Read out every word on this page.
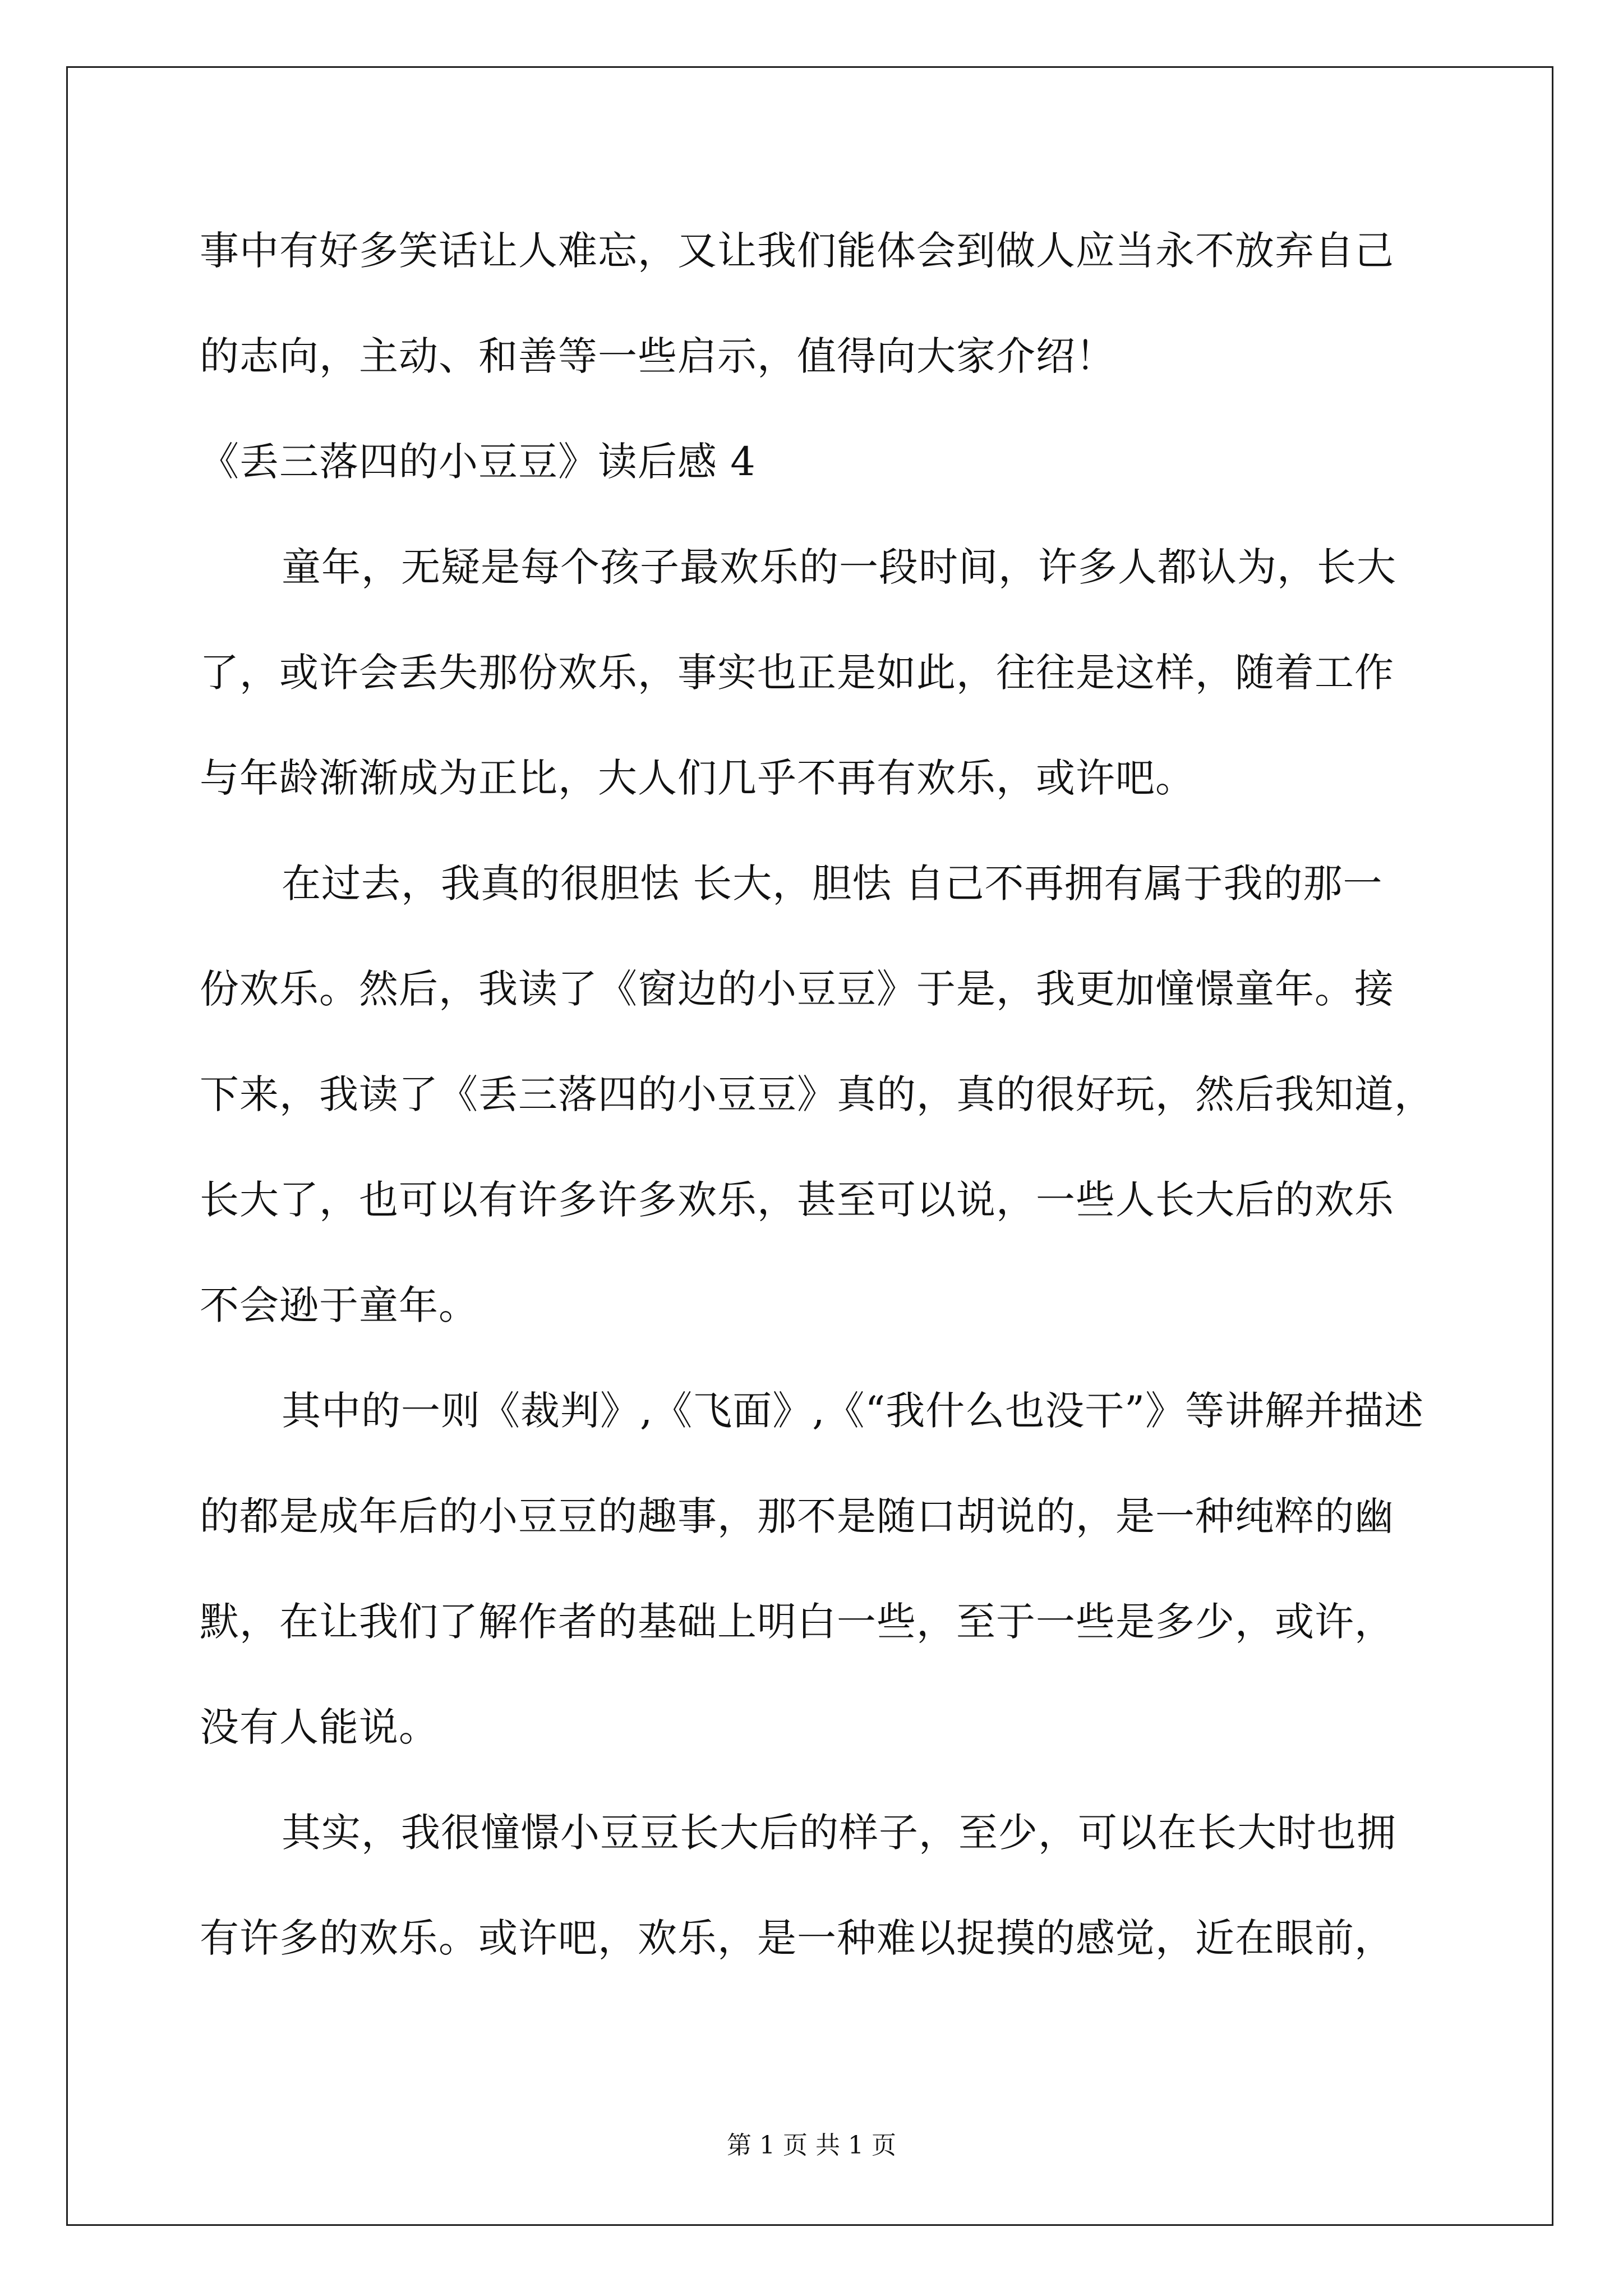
事中有好多笑话让人难忘，又让我们能体会到做人应当永不放弃自己
的志向，主动、和善等一些启示，值得向大家介绍！
《丢三落四的小豆豆》读后感 4
童年，无疑是每个孩子最欢乐的一段时间，许多人都认为，长大
了，或许会丢失那份欢乐，事实也正是如此，往往是这样，随着工作
与年龄渐渐成为正比，大人们几乎不再有欢乐，或许吧。
在过去，我真的很胆怯 长大，胆怯 自己不再拥有属于我的那一
份欢乐。然后，我读了《窗边的小豆豆》于是，我更加憧憬童年。接
下来，我读了《丢三落四的小豆豆》真的，真的很好玩，然后我知道，
长大了，也可以有许多许多欢乐，甚至可以说，一些人长大后的欢乐
不会逊于童年。
其中的一则《裁判》,《飞面》,《“我什么也没干”》等讲解并描述
的都是成年后的小豆豆的趣事，那不是随口胡说的，是一种纯粹的幽
默，在让我们了解作者的基础上明白一些，至于一些是多少，或许，
没有人能说。
其实，我很憧憬小豆豆长大后的样子，至少，可以在长大时也拥
有许多的欢乐。或许吧，欢乐，是一种难以捉摸的感觉，近在眼前，
第 1 页 共 1 页
